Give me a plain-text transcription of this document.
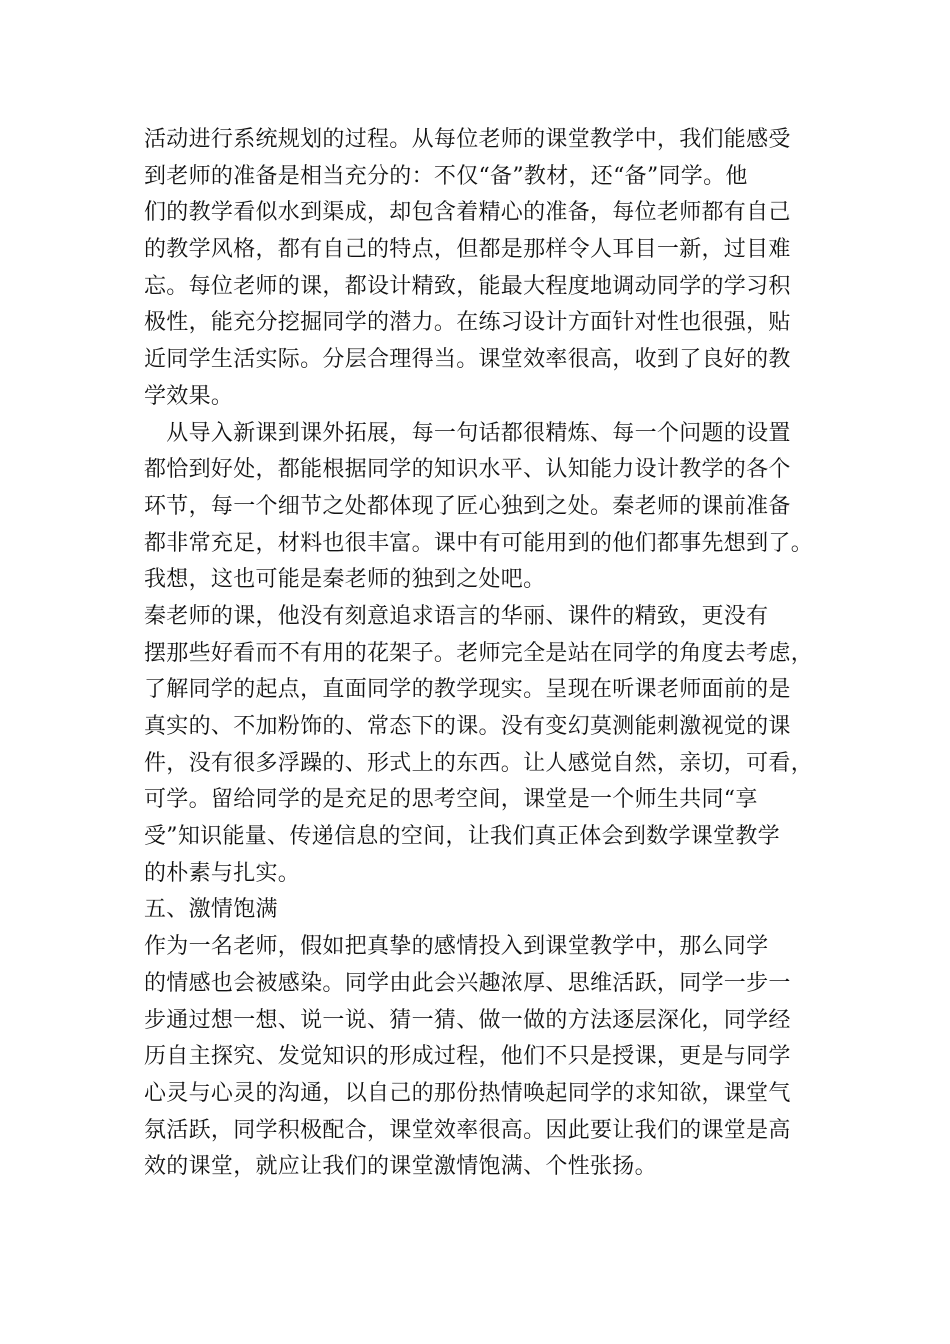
活动进行系统规划的过程。从每位老师的课堂教学中，我们能感受
到老师的准备是相当充分的：不仅“备”教材，还“备”同学。他
们的教学看似水到渠成，却包含着精心的准备，每位老师都有自己
的教学风格，都有自己的特点，但都是那样令人耳目一新，过目难
忘。每位老师的课，都设计精致，能最大程度地调动同学的学习积
极性，能充分挖掘同学的潜力。在练习设计方面针对性也很强，贴
近同学生活实际。分层合理得当。课堂效率很高，收到了良好的教
学效果。
　从导入新课到课外拓展，每一句话都很精炼、每一个问题的设置
都恰到好处，都能根据同学的知识水平、认知能力设计教学的各个
环节，每一个细节之处都体现了匠心独到之处。秦老师的课前准备
都非常充足，材料也很丰富。课中有可能用到的他们都事先想到了。
我想，这也可能是秦老师的独到之处吧。
秦老师的课，他没有刻意追求语言的华丽、课件的精致，更没有
摆那些好看而不有用的花架子。老师完全是站在同学的角度去考虑，
了解同学的起点，直面同学的教学现实。呈现在听课老师面前的是
真实的、不加粉饰的、常态下的课。没有变幻莫测能刺激视觉的课
件，没有很多浮躁的、形式上的东西。让人感觉自然，亲切，可看，
可学。留给同学的是充足的思考空间，课堂是一个师生共同“享
受”知识能量、传递信息的空间，让我们真正体会到数学课堂教学
的朴素与扎实。
五、激情饱满
作为一名老师，假如把真挚的感情投入到课堂教学中，那么同学
的情感也会被感染。同学由此会兴趣浓厚、思维活跃，同学一步一
步通过想一想、说一说、猜一猜、做一做的方法逐层深化，同学经
历自主探究、发觉知识的形成过程，他们不只是授课，更是与同学
心灵与心灵的沟通，以自己的那份热情唤起同学的求知欲，课堂气
氛活跃，同学积极配合，课堂效率很高。因此要让我们的课堂是高
效的课堂，就应让我们的课堂激情饱满、个性张扬。
